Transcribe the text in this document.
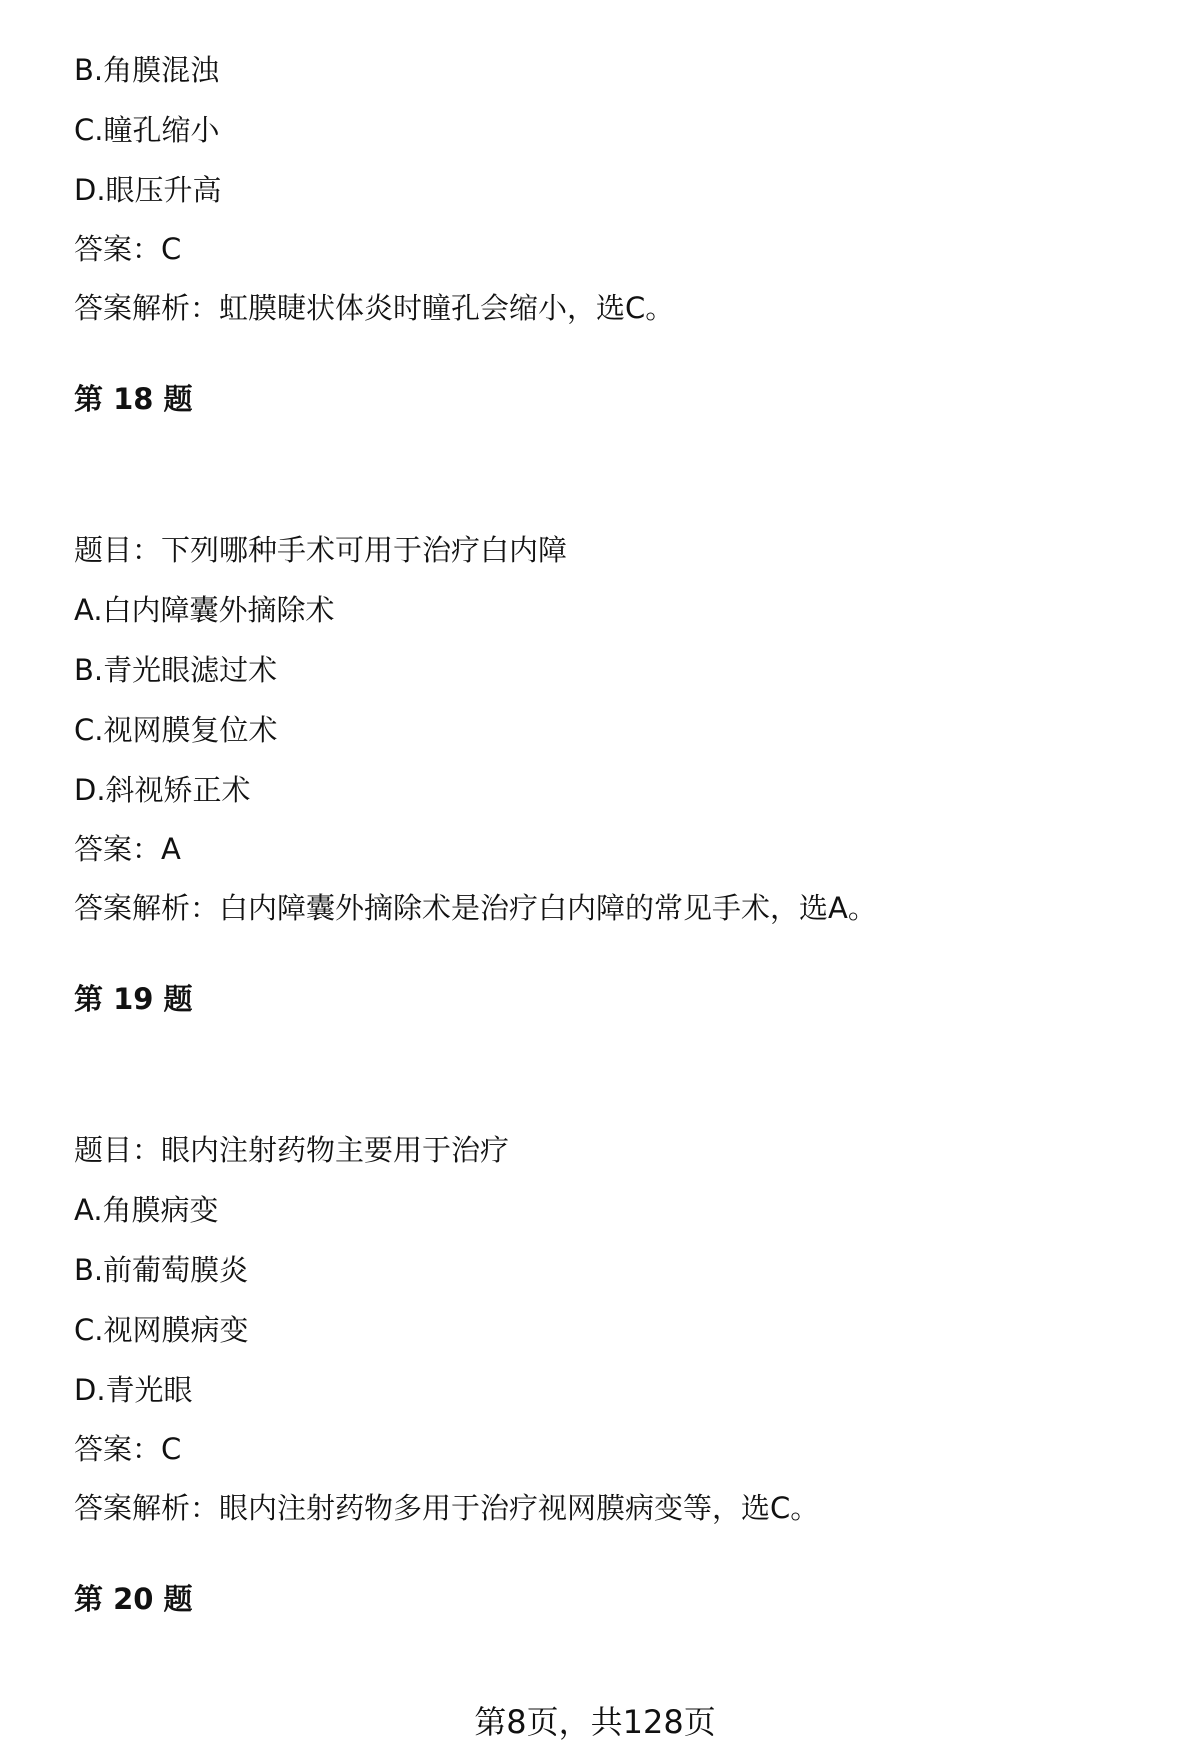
B.角膜混浊
C.瞳孔缩小
D.眼压升高
答案：C
答案解析：虹膜睫状体炎时瞳孔会缩小，选C。
第 18 题
题目：下列哪种手术可用于治疗白内障
A.白内障囊外摘除术
B.青光眼滤过术
C.视网膜复位术
D.斜视矫正术
答案：A
答案解析：白内障囊外摘除术是治疗白内障的常见手术，选A。
第 19 题
题目：眼内注射药物主要用于治疗
A.角膜病变
B.前葡萄膜炎
C.视网膜病变
D.青光眼
答案：C
答案解析：眼内注射药物多用于治疗视网膜病变等，选C。
第 20 题
第8页，共128页
